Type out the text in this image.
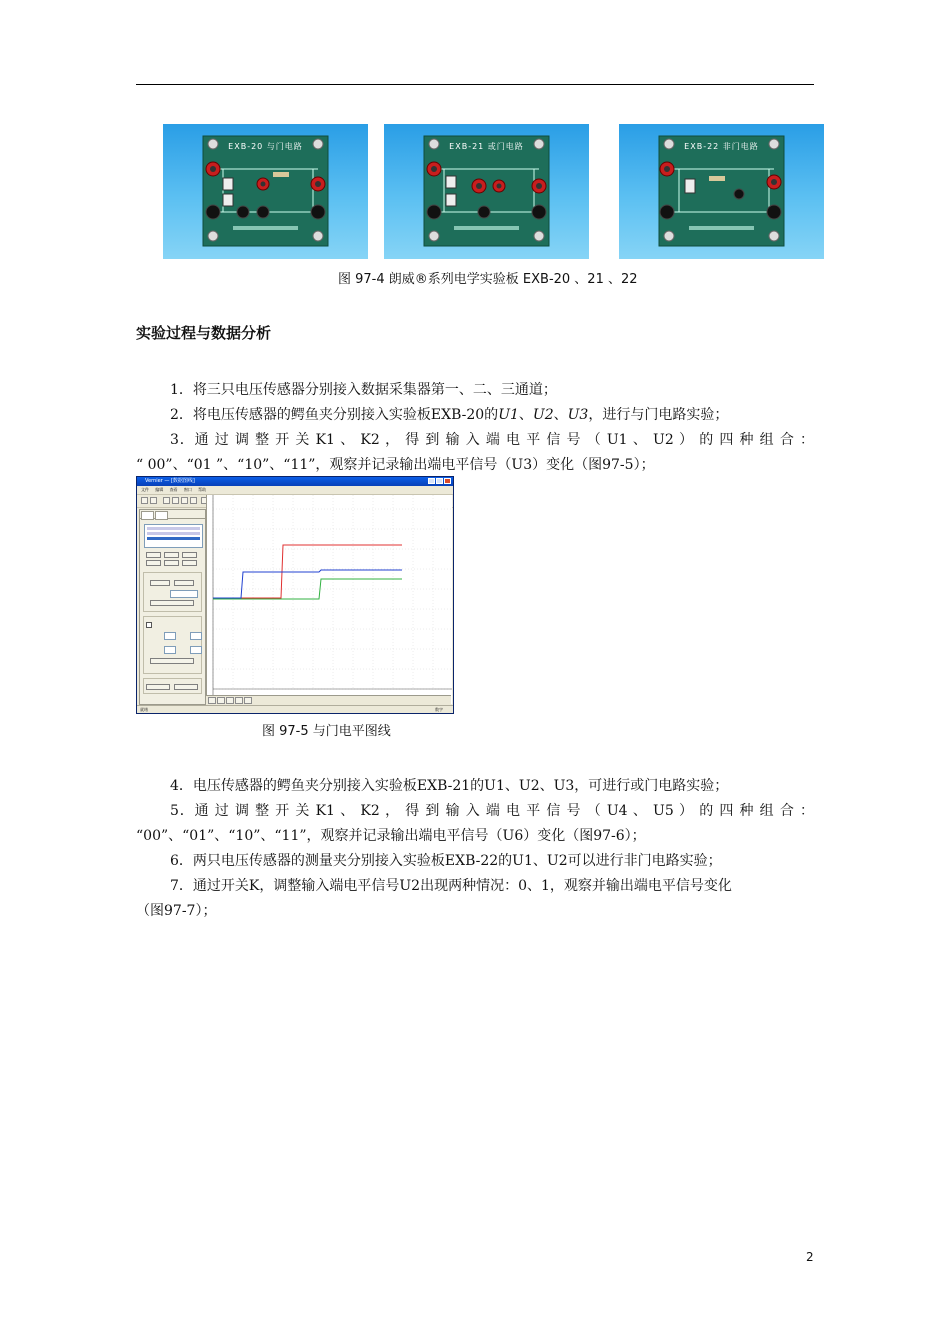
EXB-20 与门电路	EXB-21 或门电路	EXB-22 非门电路
图 97-4 朗威®系列电学实验板 EXB-20 、21 、22
实验过程与数据分析
1．将三只电压传感器分别接入数据采集器第一、二、三通道；
2．将电压传感器的鳄鱼夹分别接入实验板EXB-20的U1、U2、U3，进行与门电路实验；
3．通 过 调 整 开 关 K1 、 K2 ， 得 到 输 入 端 电 平 信 号 （ U1 、 U2 ） 的 四 种 组 合 ：
“ 00”、“01 ”、“10”、“11”，观察并记录输出端电平信号（U3）变化（图97-5）；
Vernier — [数据图线]
文件 编辑 查看 窗口 帮助

就绪	数字
图 97-5 与门电平图线
4．电压传感器的鳄鱼夹分别接入实验板EXB-21的U1、U2、U3，可进行或门电路实验；
5．通 过 调 整 开 关 K1 、 K2 ， 得 到 输 入 端 电 平 信 号 （ U4 、 U5 ） 的 四 种 组 合 ：
“00”、“01”、“10”、“11”，观察并记录输出端电平信号（U6）变化（图97-6）；
6．两只电压传感器的测量夹分别接入实验板EXB-22的U1、U2可以进行非门电路实验；
7．通过开关K，调整输入端电平信号U2出现两种情况：0、1，观察并输出端电平信号变化
（图97-7）；
2
